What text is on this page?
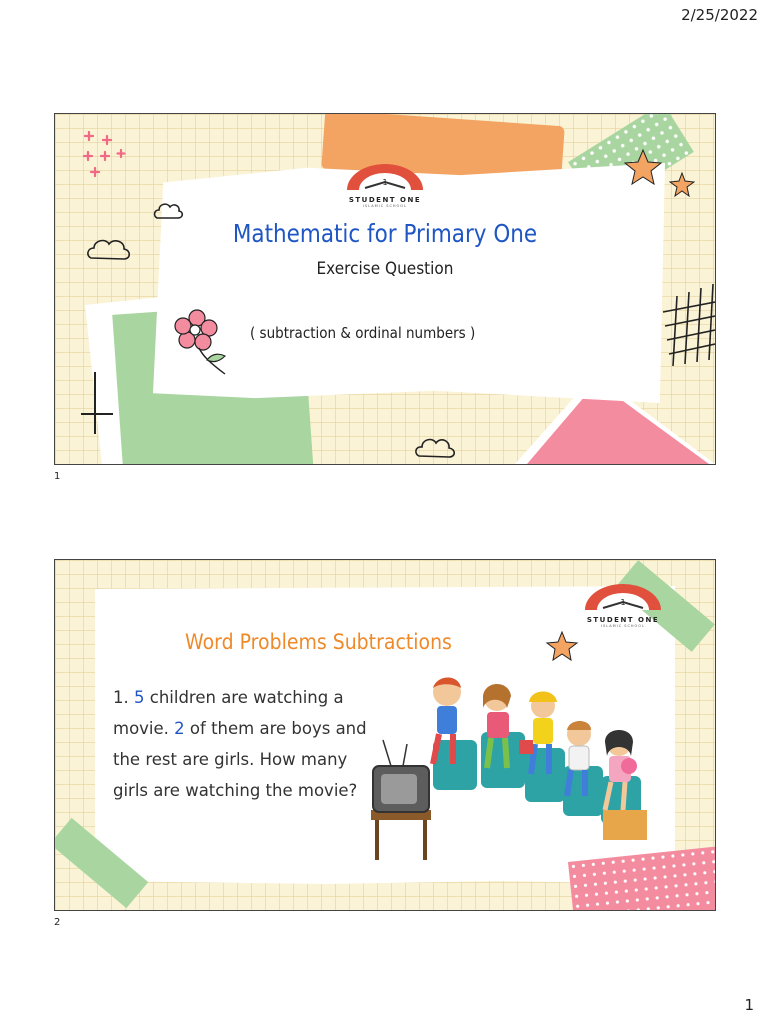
2/25/2022
1
STUDENT ONE
ISLAMIC SCHOOL
Mathematic for Primary One
Exercise Question
( subtraction & ordinal numbers )
1
1
STUDENT ONE
ISLAMIC SCHOOL
Word Problems Subtractions
1. 5 children are watching a movie. 2 of them are boys and the rest are girls. How many girls are watching the movie?
2
1
